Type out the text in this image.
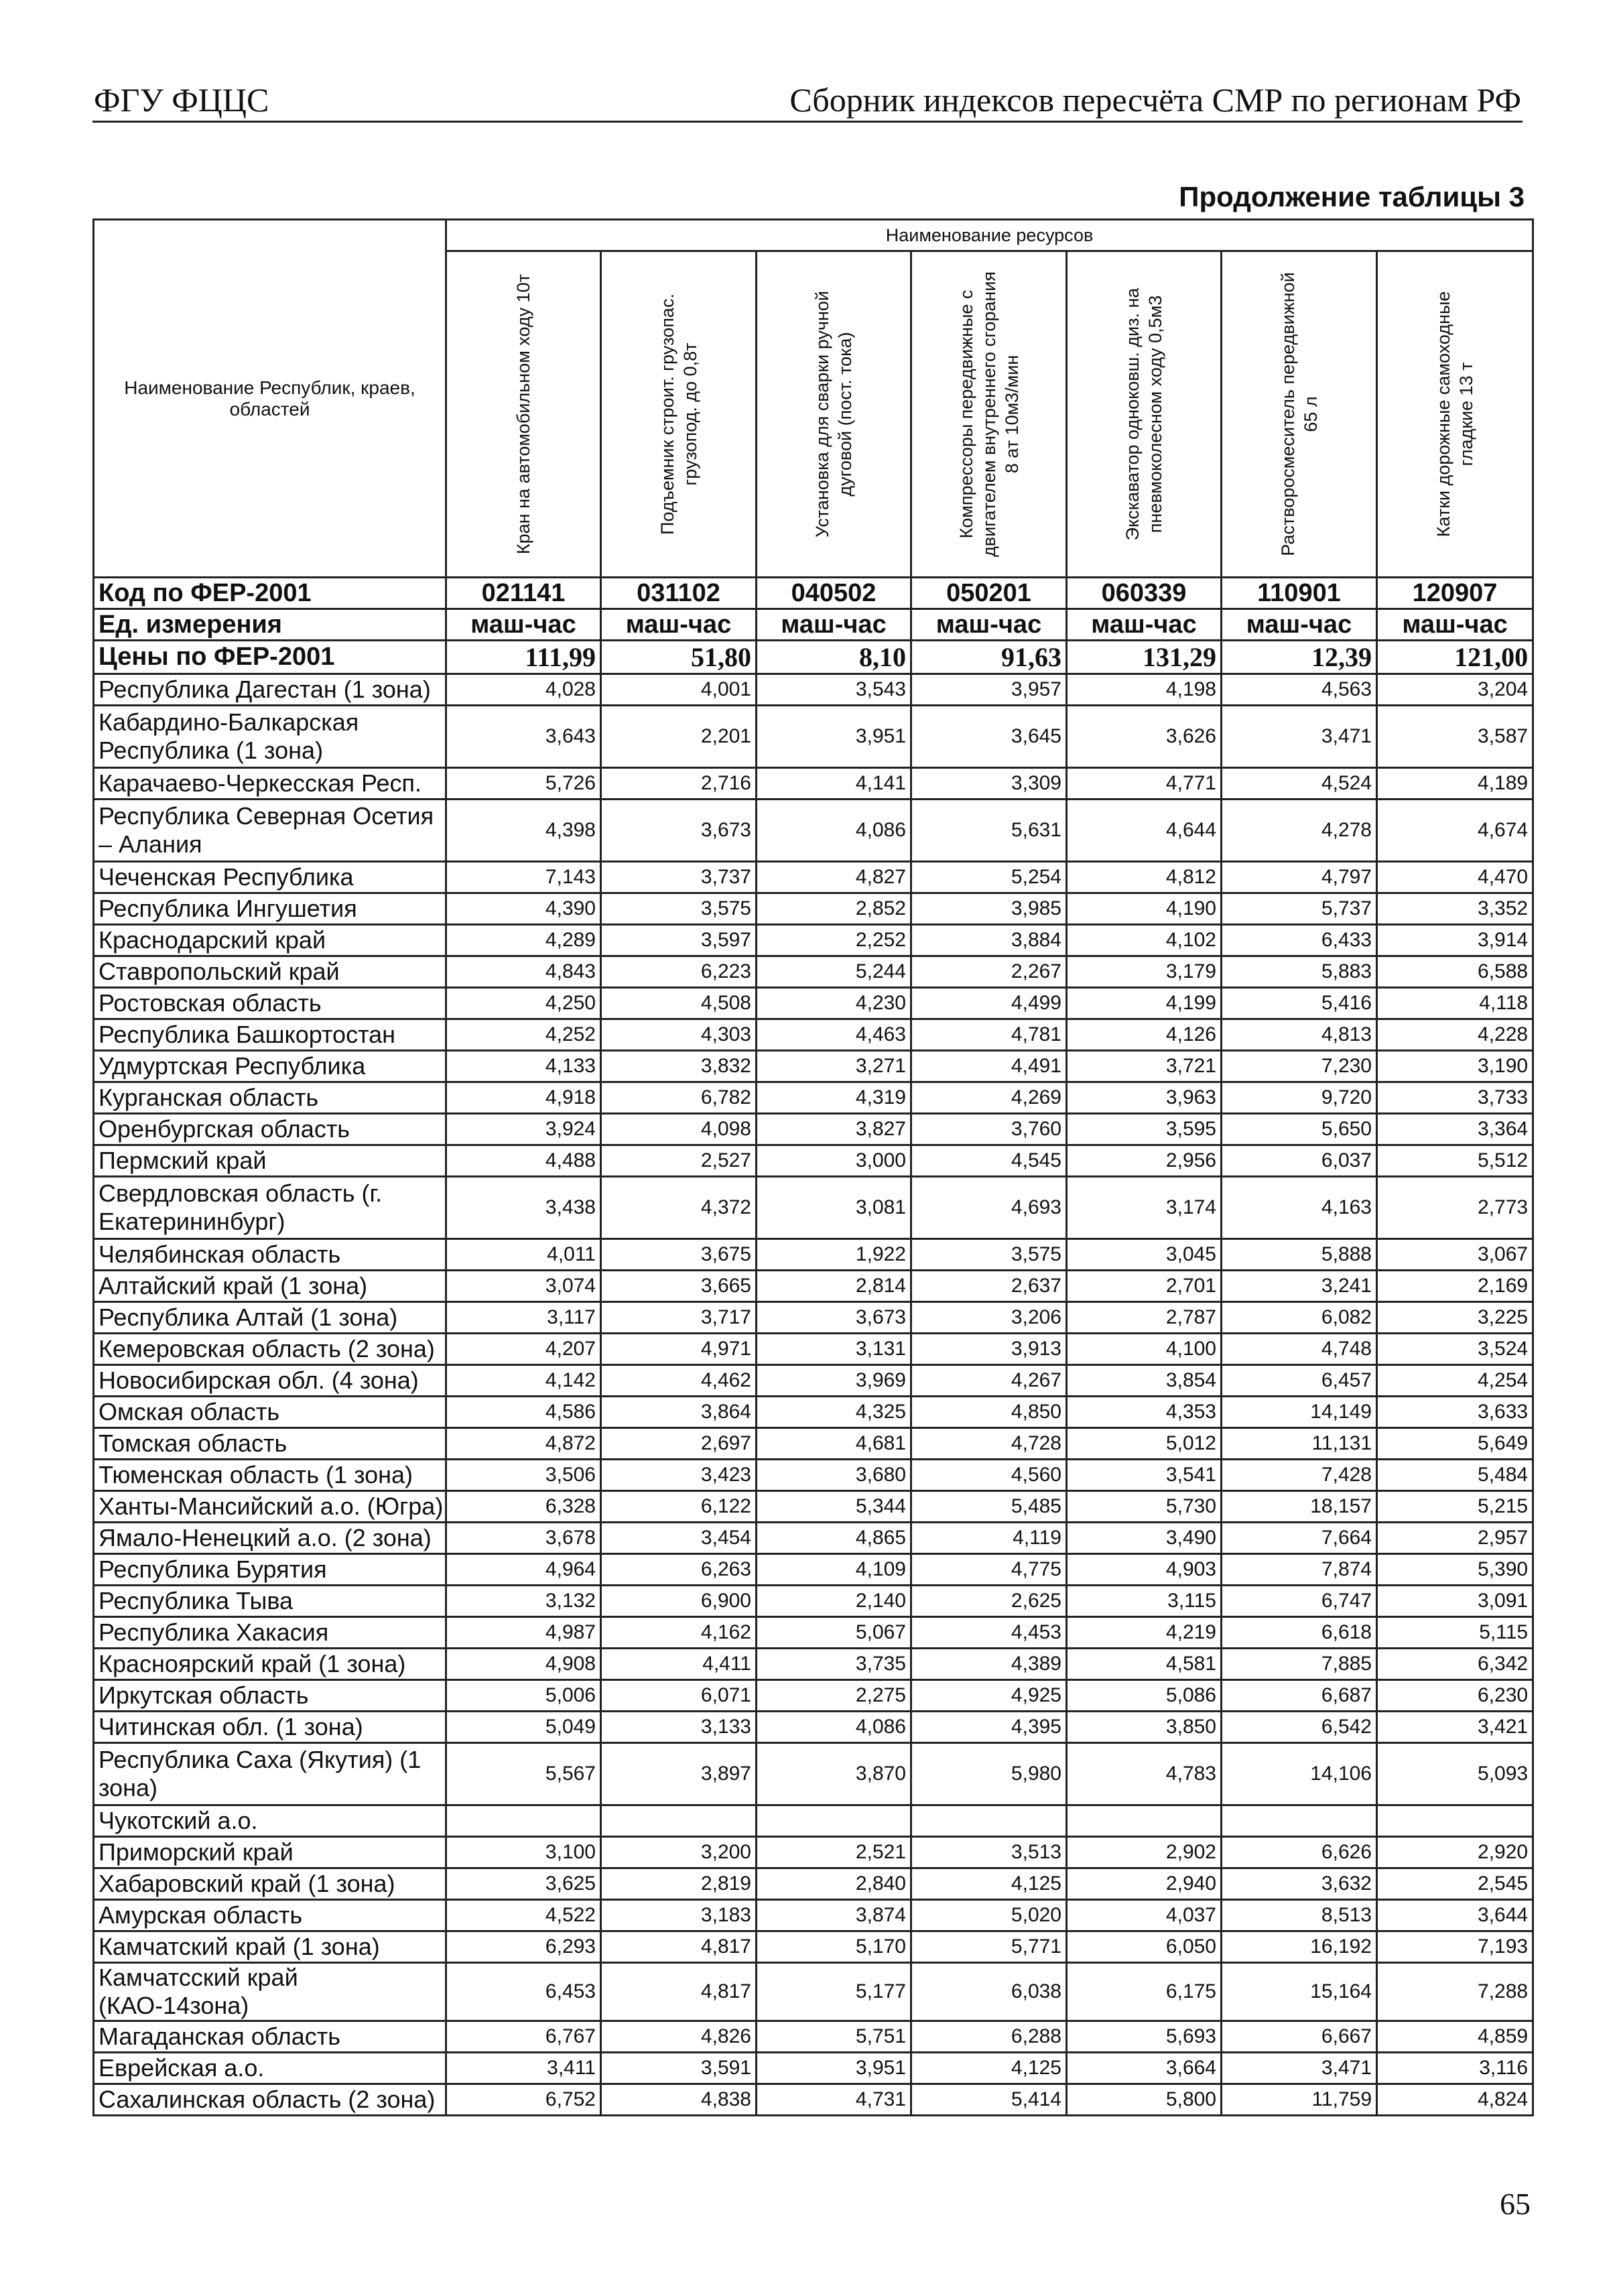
ФГУ ФЦЦС	Сборник индексов пересчёта СМР по регионам РФ
Продолжение таблицы 3
Наименование Республик, краев, областей	Наименование ресурсов						

	Кран на автомобильном ходу 10т	Подъемник строит. грузопас. грузопод. до 0,8т	Установка для сварки ручной дуговой (пост. тока)	Компрессоры передвижные с двигателем внутреннего сгорания 8 ат 10м3/мин	Экскаватор одноковш. диз. на пневмоколесном ходу 0,5м3	Растворосмеситель передвижной 65 л	Катки дорожные самоходные гладкие 13 т

Код по ФЕР-2001	021141	031102	040502	050201	060339	110901	120907
Ед. измерения	маш-час	маш-час	маш-час	маш-час	маш-час	маш-час	маш-час
Цены по ФЕР-2001	111,99	51,80	8,10	91,63	131,29	12,39	121,00
Республика Дагестан (1 зона)	4,028	4,001	3,543	3,957	4,198	4,563	3,204
Кабардино-Балкарская Республика (1 зона)	3,643	2,201	3,951	3,645	3,626	3,471	3,587
Карачаево-Черкесская Респ.	5,726	2,716	4,141	3,309	4,771	4,524	4,189
Республика Северная Осетия – Алания	4,398	3,673	4,086	5,631	4,644	4,278	4,674
Чеченская Республика	7,143	3,737	4,827	5,254	4,812	4,797	4,470
Республика Ингушетия	4,390	3,575	2,852	3,985	4,190	5,737	3,352
Краснодарский край	4,289	3,597	2,252	3,884	4,102	6,433	3,914
Ставропольский край	4,843	6,223	5,244	2,267	3,179	5,883	6,588
Ростовская область	4,250	4,508	4,230	4,499	4,199	5,416	4,118
Республика Башкортостан	4,252	4,303	4,463	4,781	4,126	4,813	4,228
Удмуртская Республика	4,133	3,832	3,271	4,491	3,721	7,230	3,190
Курганская область	4,918	6,782	4,319	4,269	3,963	9,720	3,733
Оренбургская область	3,924	4,098	3,827	3,760	3,595	5,650	3,364
Пермский край	4,488	2,527	3,000	4,545	2,956	6,037	5,512
Свердловская область (г. Екатерининбург)	3,438	4,372	3,081	4,693	3,174	4,163	2,773
Челябинская область	4,011	3,675	1,922	3,575	3,045	5,888	3,067
Алтайский край (1 зона)	3,074	3,665	2,814	2,637	2,701	3,241	2,169
Республика Алтай (1 зона)	3,117	3,717	3,673	3,206	2,787	6,082	3,225
Кемеровская область (2 зона)	4,207	4,971	3,131	3,913	4,100	4,748	3,524
Новосибирская обл. (4 зона)	4,142	4,462	3,969	4,267	3,854	6,457	4,254
Омская область	4,586	3,864	4,325	4,850	4,353	14,149	3,633
Томская область	4,872	2,697	4,681	4,728	5,012	11,131	5,649
Тюменская область (1 зона)	3,506	3,423	3,680	4,560	3,541	7,428	5,484
Ханты-Мансийский а.о. (Югра)	6,328	6,122	5,344	5,485	5,730	18,157	5,215
Ямало-Ненецкий а.о. (2 зона)	3,678	3,454	4,865	4,119	3,490	7,664	2,957
Республика Бурятия	4,964	6,263	4,109	4,775	4,903	7,874	5,390
Республика Тыва	3,132	6,900	2,140	2,625	3,115	6,747	3,091
Республика Хакасия	4,987	4,162	5,067	4,453	4,219	6,618	5,115
Красноярский край (1 зона)	4,908	4,411	3,735	4,389	4,581	7,885	6,342
Иркутская область	5,006	6,071	2,275	4,925	5,086	6,687	6,230
Читинская обл. (1 зона)	5,049	3,133	4,086	4,395	3,850	6,542	3,421
Республика Саха (Якутия) (1 зона)	5,567	3,897	3,870	5,980	4,783	14,106	5,093
Чукотский а.о.							
Приморский край	3,100	3,200	2,521	3,513	2,902	6,626	2,920
Хабаровский край (1 зона)	3,625	2,819	2,840	4,125	2,940	3,632	2,545
Амурская область	4,522	3,183	3,874	5,020	4,037	8,513	3,644
Камчатский край (1 зона)	6,293	4,817	5,170	5,771	6,050	16,192	7,193
Камчатсский край (КАО-14зона)	6,453	4,817	5,177	6,038	6,175	15,164	7,288
Магаданская область	6,767	4,826	5,751	6,288	5,693	6,667	4,859
Еврейская а.о.	3,411	3,591	3,951	4,125	3,664	3,471	3,116
Сахалинская область (2 зона)	6,752	4,838	4,731	5,414	5,800	11,759	4,824
65
